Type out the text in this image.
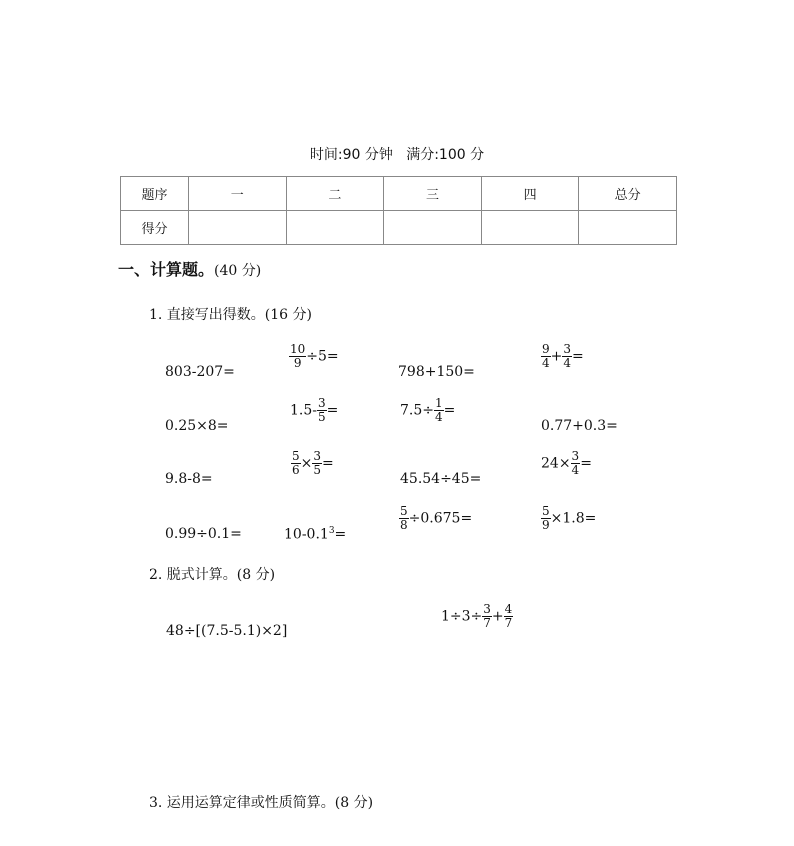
时间:90 分钟 满分:100 分
题序	一	二	三	四	总分
得分					
一、计算题。(40 分)
1. 直接写出得数。(16 分)
803-207=
$\frac{10}{9} \div 5=$
798+150=
$\frac{9}{4} + \frac{3}{4}$ =
0.25×8=
$1.5- \frac{3}{5}$ =	$7.5\div \frac{1}{4}$ =
0.77+0.3=
9.8-8=
$\frac{5}{6} \times \frac{3}{5}$ =
45.54÷45=
$24\times \frac{3}{4}$ =
0.99÷0.1=	$10-0.1^3=$
$\frac{5}{8} \div 0.675=$	$\frac{5}{9} \times 1.8=$
2. 脱式计算。(8 分)
48÷[(7.5-5.1)×2]
$1\div 3\div \frac{3}{7} + \frac{4}{7}$
3. 运用运算定律或性质简算。(8 分)
